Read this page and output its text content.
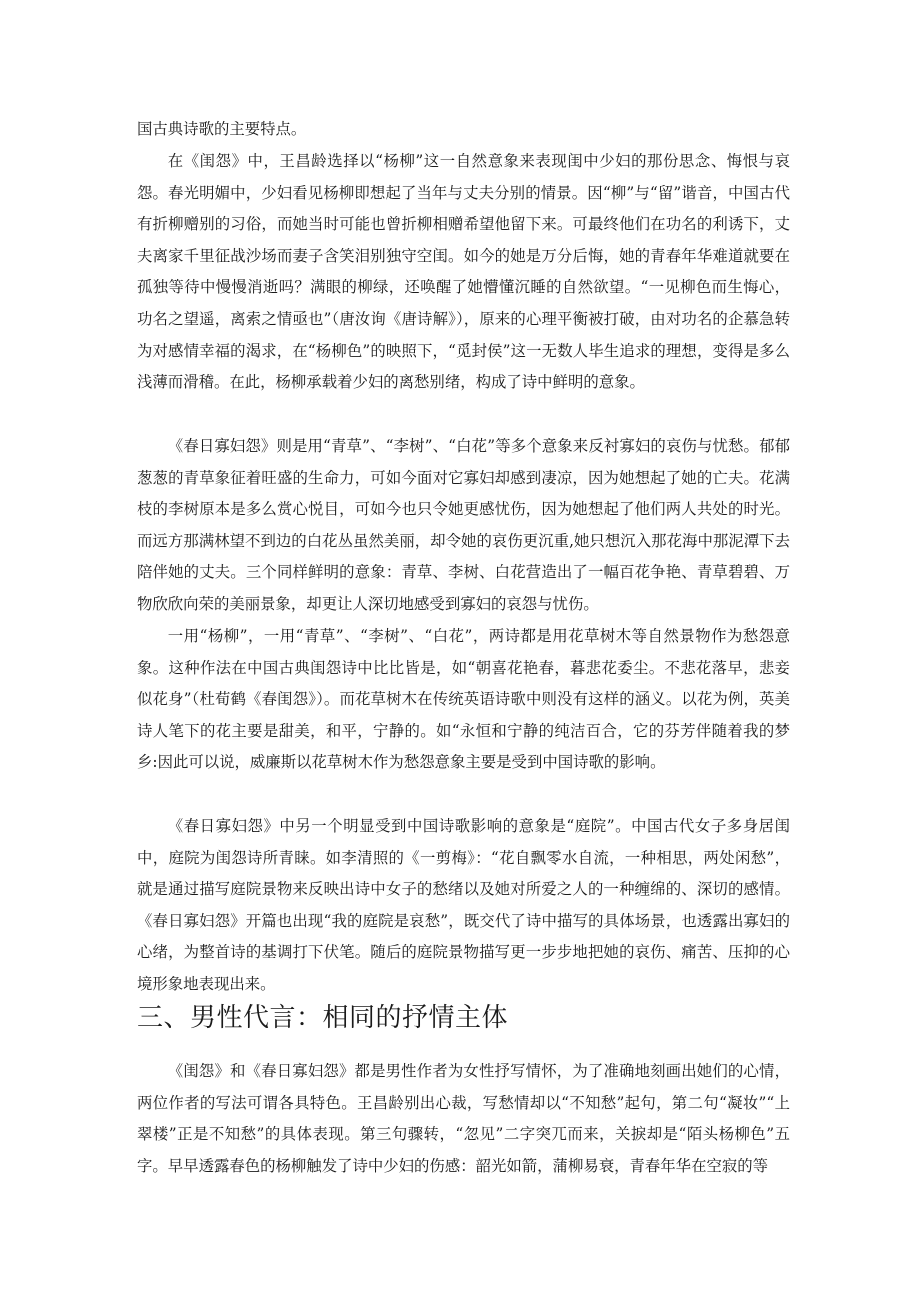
国古典诗歌的主要特点。

在《闺怨》中，王昌龄选择以“杨柳”这一自然意象来表现闺中少妇的那份思念、悔恨与哀怨。春光明媚中，少妇看见杨柳即想起了当年与丈夫分别的情景。因“柳”与“留”谐音，中国古代有折柳赠别的习俗，而她当时可能也曾折柳相赠希望他留下来。可最终他们在功名的利诱下，丈夫离家千里征战沙场而妻子含笑泪别独守空闺。如今的她是万分后悔，她的青春年华难道就要在孤独等待中慢慢消逝吗？满眼的柳绿，还唤醒了她懵懂沉睡的自然欲望。“一见柳色而生悔心，功名之望遥，离索之情亟也”（唐汝询《唐诗解》），原来的心理平衡被打破，由对功名的企慕急转为对感情幸福的渴求，在“杨柳色”的映照下，“觅封侯”这一无数人毕生追求的理想，变得是多么浅薄而滑稽。在此，杨柳承载着少妇的离愁别绪，构成了诗中鲜明的意象。

《春日寡妇怨》则是用“青草”、“李树”、“白花”等多个意象来反衬寡妇的哀伤与忧愁。郁郁葱葱的青草象征着旺盛的生命力，可如今面对它寡妇却感到凄凉，因为她想起了她的亡夫。花满枝的李树原本是多么赏心悦目，可如今也只令她更感忧伤，因为她想起了他们两人共处的时光。而远方那满林望不到边的白花丛虽然美丽，却令她的哀伤更沉重,她只想沉入那花海中那泥潭下去陪伴她的丈夫。三个同样鲜明的意象：青草、李树、白花营造出了一幅百花争艳、青草碧碧、万物欣欣向荣的美丽景象，却更让人深切地感受到寡妇的哀怨与忧伤。

一用“杨柳”，一用“青草”、“李树”、“白花”，两诗都是用花草树木等自然景物作为愁怨意象。这种作法在中国古典闺怨诗中比比皆是，如“朝喜花艳春，暮悲花委尘。不悲花落早，悲妾似花身”（杜荀鹤《春闺怨》）。而花草树木在传统英语诗歌中则没有这样的涵义。以花为例，英美诗人笔下的花主要是甜美，和平，宁静的。如“永恒和宁静的纯洁百合，它的芬芳伴随着我的梦乡:因此可以说，威廉斯以花草树木作为愁怨意象主要是受到中国诗歌的影响。

《春日寡妇怨》中另一个明显受到中国诗歌影响的意象是“庭院”。中国古代女子多身居闺中，庭院为闺怨诗所青睐。如李清照的《一剪梅》：“花自飘零水自流，一种相思，两处闲愁”，就是通过描写庭院景物来反映出诗中女子的愁绪以及她对所爱之人的一种缠绵的、深切的感情。《春日寡妇怨》开篇也出现“我的庭院是哀愁”，既交代了诗中描写的具体场景，也透露出寡妇的心绪，为整首诗的基调打下伏笔。随后的庭院景物描写更一步步地把她的哀伤、痛苦、压抑的心境形象地表现出来。

三、男性代言：相同的抒情主体

《闺怨》和《春日寡妇怨》都是男性作者为女性抒写情怀，为了准确地刻画出她们的心情，两位作者的写法可谓各具特色。王昌龄别出心裁，写愁情却以“不知愁”起句，第二句“凝妆”“上翠楼”正是不知愁”的具体表现。第三句骤转，“忽见”二字突兀而来，关捩却是“陌头杨柳色”五字。早早透露春色的杨柳触发了诗中少妇的伤感：韶光如箭，蒲柳易衰，青春年华在空寂的等
